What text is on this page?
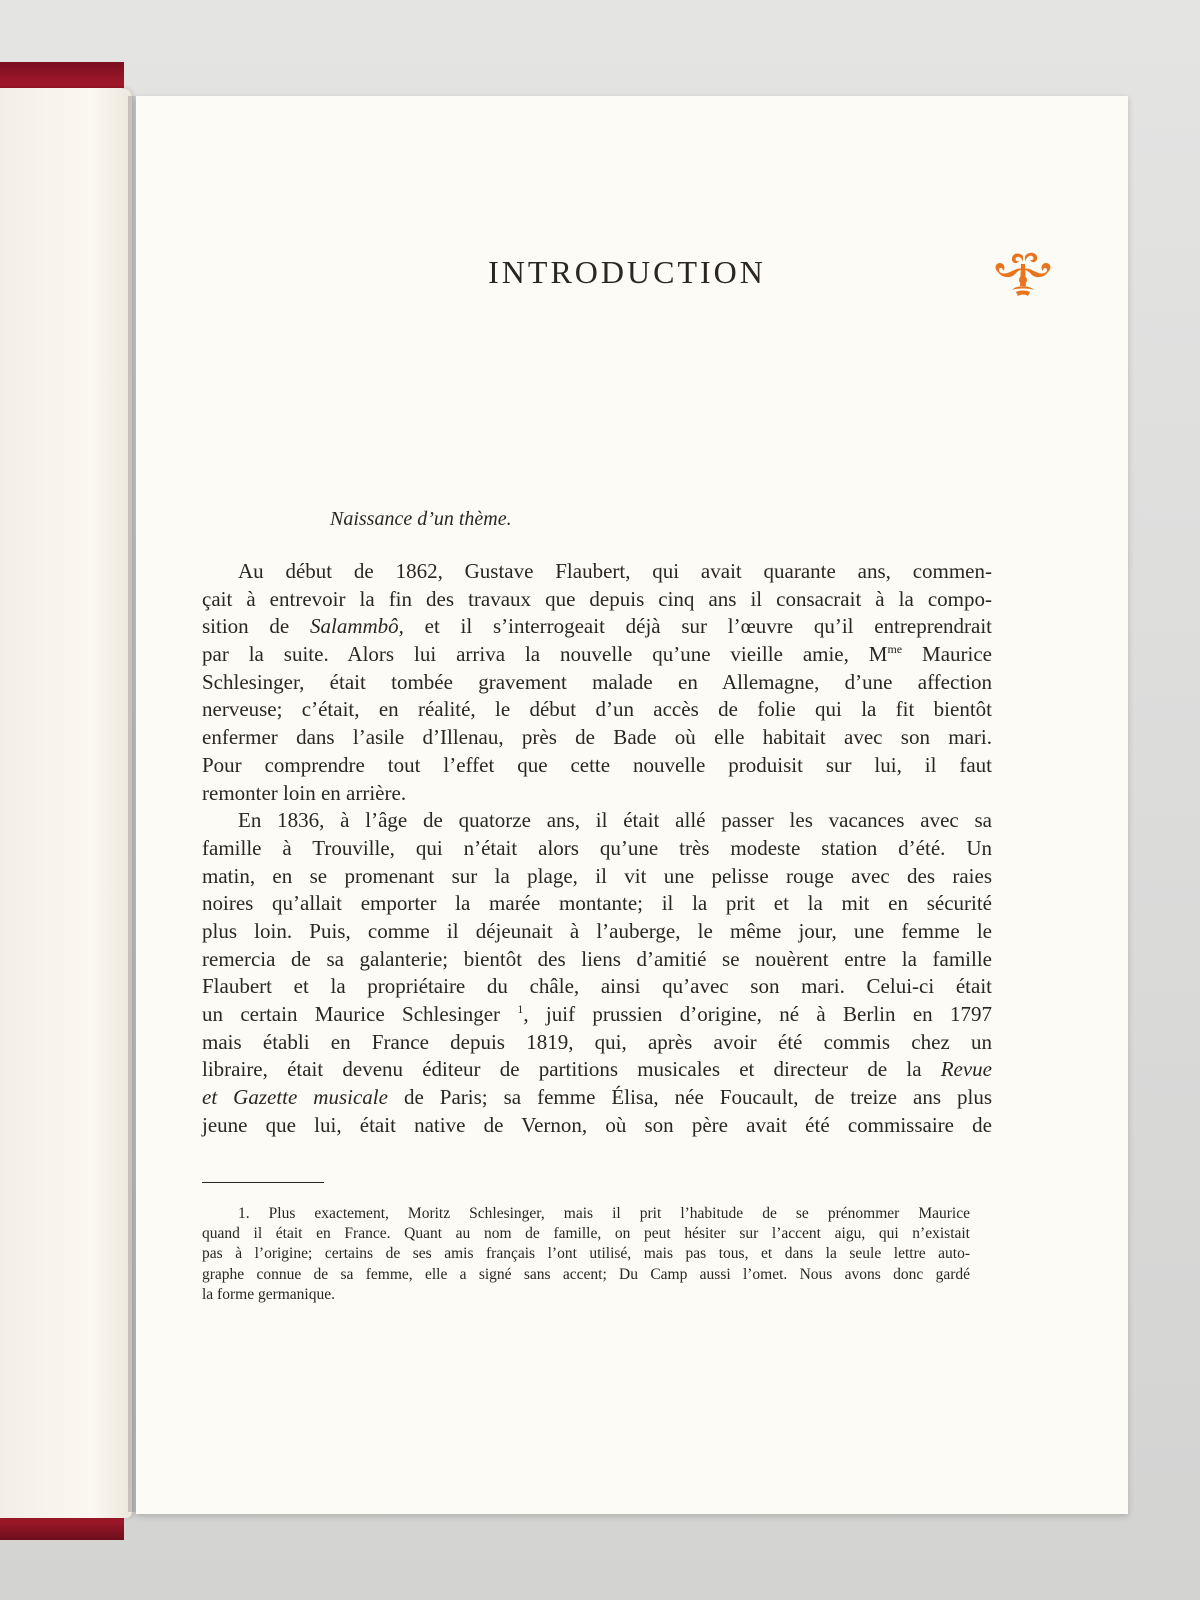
INTRODUCTION
Naissance d’un thème.
Au début de 1862, Gustave Flaubert, qui avait quarante ans, commen-
çait à entrevoir la fin des travaux que depuis cinq ans il consacrait à la compo-
sition de Salammbô, et il s’interrogeait déjà sur l’œuvre qu’il entreprendrait
par la suite. Alors lui arriva la nouvelle qu’une vieille amie, $M^{me}$ Maurice
Schlesinger, était tombée gravement malade en Allemagne, d’une affection
nerveuse; c’était, en réalité, le début d’un accès de folie qui la fit bientôt
enfermer dans l’asile d’Illenau, près de Bade où elle habitait avec son mari.
Pour comprendre tout l’effet que cette nouvelle produisit sur lui, il faut
remonter loin en arrière.
En 1836, à l’âge de quatorze ans, il était allé passer les vacances avec sa
famille à Trouville, qui n’était alors qu’une très modeste station d’été. Un
matin, en se promenant sur la plage, il vit une pelisse rouge avec des raies
noires qu’allait emporter la marée montante; il la prit et la mit en sécurité
plus loin. Puis, comme il déjeunait à l’auberge, le même jour, une femme le
remercia de sa galanterie; bientôt des liens d’amitié se nouèrent entre la famille
Flaubert et la propriétaire du châle, ainsi qu’avec son mari. Celui-ci était
un certain Maurice Schlesinger $^1$, juif prussien d’origine, né à Berlin en 1797
mais établi en France depuis 1819, qui, après avoir été commis chez un
libraire, était devenu éditeur de partitions musicales et directeur de la Revue
et Gazette musicale de Paris; sa femme Élisa, née Foucault, de treize ans plus
jeune que lui, était native de Vernon, où son père avait été commissaire de
1. Plus exactement, Moritz Schlesinger, mais il prit l’habitude de se prénommer Maurice
quand il était en France. Quant au nom de famille, on peut hésiter sur l’accent aigu, qui n’existait
pas à l’origine; certains de ses amis français l’ont utilisé, mais pas tous, et dans la seule lettre auto-
graphe connue de sa femme, elle a signé sans accent; Du Camp aussi l’omet. Nous avons donc gardé
la forme germanique.
